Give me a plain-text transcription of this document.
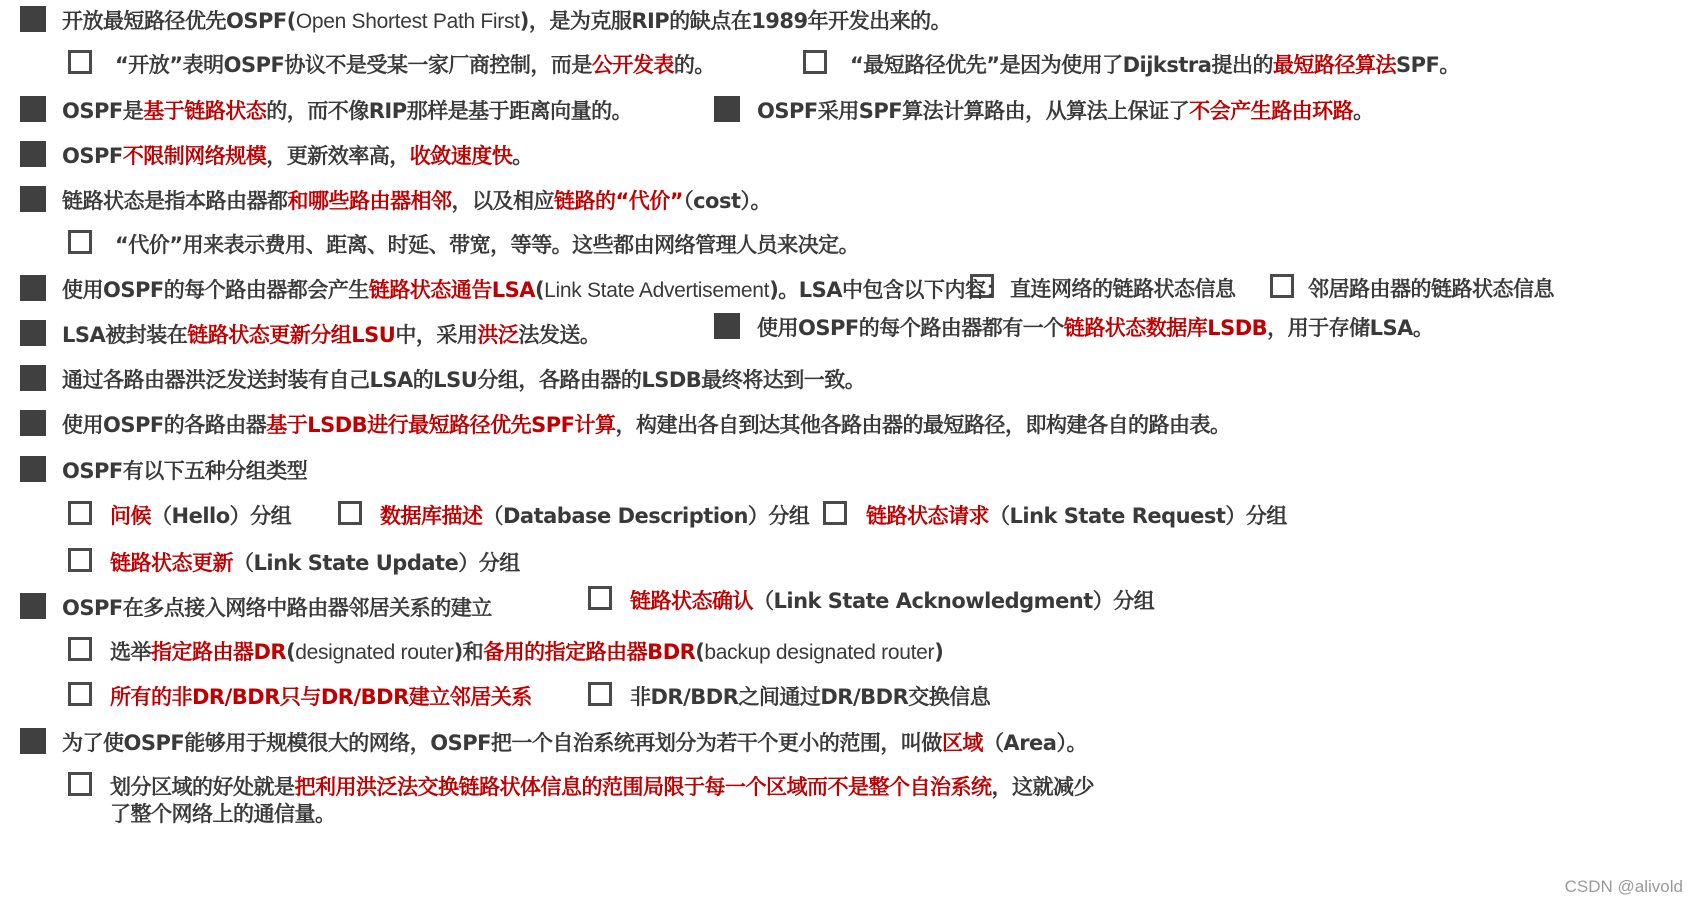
开放最短路径优先OSPF(Open Shortest Path First)，是为克服RIP的缺点在1989年开发出来的。
“开放”表明OSPF协议不是受某一家厂商控制，而是公开发表的。	“最短路径优先”是因为使用了Dijkstra提出的最短路径算法SPF。
OSPF是基于链路状态的，而不像RIP那样是基于距离向量的。	OSPF采用SPF算法计算路由，从算法上保证了不会产生路由环路。
OSPF不限制网络规模，更新效率高，收敛速度快。
链路状态是指本路由器都和哪些路由器相邻，以及相应链路的“代价”（cost）。
“代价”用来表示费用、距离、时延、带宽，等等。这些都由网络管理人员来决定。
使用OSPF的每个路由器都会产生链路状态通告LSA(Link State Advertisement)。LSA中包含以下内容： 直连网络的链路状态信息	邻居路由器的链路状态信息
LSA被封装在链路状态更新分组LSU中，采用洪泛法发送。	使用OSPF的每个路由器都有一个链路状态数据库LSDB，用于存储LSA。
通过各路由器洪泛发送封装有自己LSA的LSU分组，各路由器的LSDB最终将达到一致。
使用OSPF的各路由器基于LSDB进行最短路径优先SPF计算，构建出各自到达其他各路由器的最短路径，即构建各自的路由表。
OSPF有以下五种分组类型
问候（Hello）分组	数据库描述（Database Description）分组	链路状态请求（Link State Request）分组
链路状态更新（Link State Update）分组
OSPF在多点接入网络中路由器邻居关系的建立	链路状态确认（Link State Acknowledgment）分组
选举指定路由器DR(designated router)和备用的指定路由器BDR(backup designated router)
所有的非DR/BDR只与DR/BDR建立邻居关系	非DR/BDR之间通过DR/BDR交换信息
为了使OSPF能够用于规模很大的网络，OSPF把一个自治系统再划分为若干个更小的范围，叫做区域（Area）。
划分区域的好处就是把利用洪泛法交换链路状体信息的范围局限于每一个区域而不是整个自治系统，这就减少
了整个网络上的通信量。
CSDN @alivold
